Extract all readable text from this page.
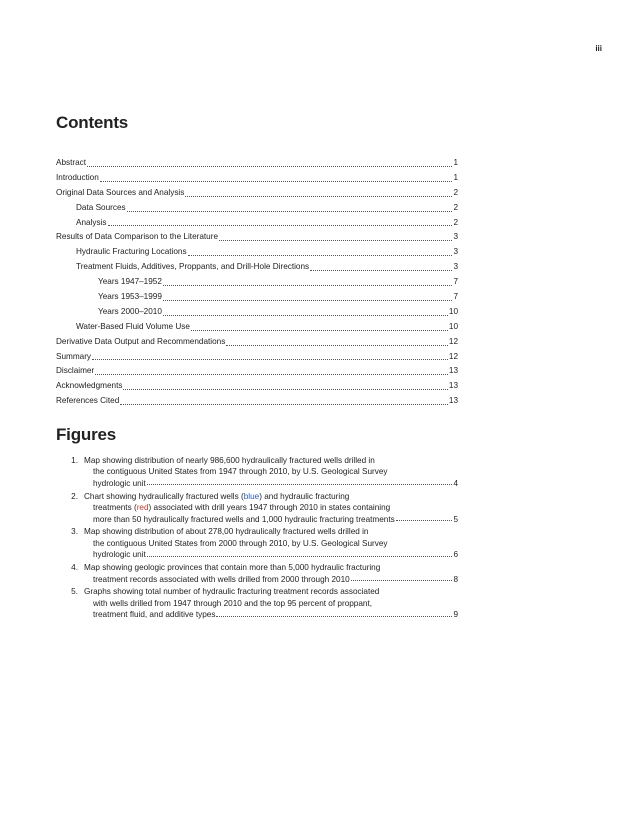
iii
Contents
Abstract	1
Introduction	1
Original Data Sources and Analysis	2
Data Sources	2
Analysis	2
Results of Data Comparison to the Literature	3
Hydraulic Fracturing Locations	3
Treatment Fluids, Additives, Proppants, and Drill-Hole Directions	3
Years 1947–1952	7
Years 1953–1999	7
Years 2000–2010	10
Water-Based Fluid Volume Use	10
Derivative Data Output and Recommendations	12
Summary	12
Disclaimer	13
Acknowledgments	13
References Cited	13
Figures
1. Map showing distribution of nearly 986,600 hydraulically fractured wells drilled in
the contiguous United States from 1947 through 2010, by U.S. Geological Survey
hydrologic unit	4
2. Chart showing hydraulically fractured wells (blue) and hydraulic fracturing
treatments (red) associated with drill years 1947 through 2010 in states containing
more than 50 hydraulically fractured wells and 1,000 hydraulic fracturing treatments	5
3. Map showing distribution of about 278,00 hydraulically fractured wells drilled in
the contiguous United States from 2000 through 2010, by U.S. Geological Survey
hydrologic unit	6
4. Map showing geologic provinces that contain more than 5,000 hydraulic fracturing
treatment records associated with wells drilled from 2000 through 2010	8
5. Graphs showing total number of hydraulic fracturing treatment records associated
with wells drilled from 1947 through 2010 and the top 95 percent of proppant,
treatment fluid, and additive types	9
